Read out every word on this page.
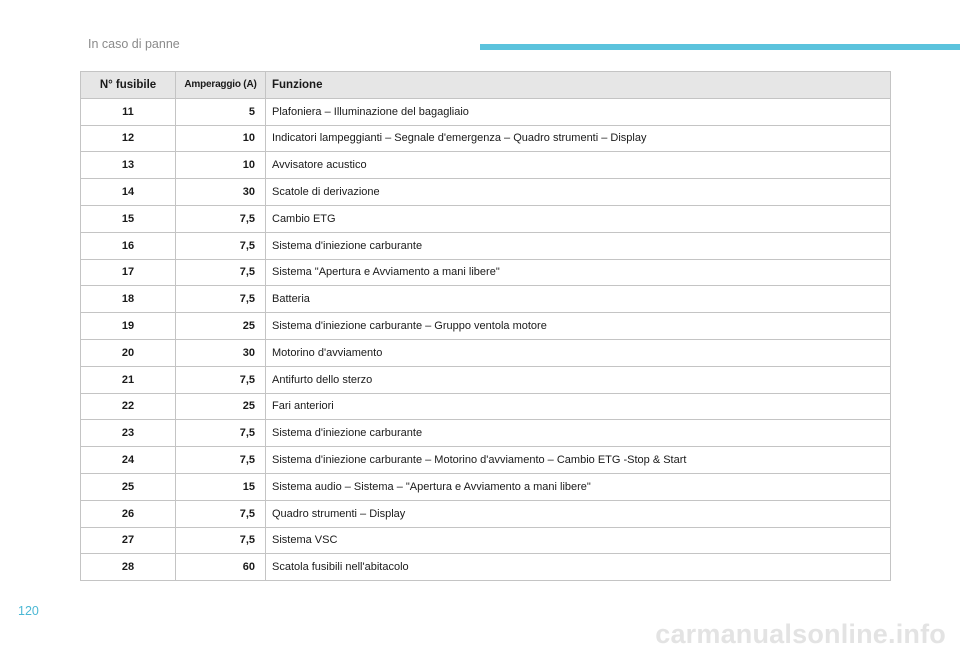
In caso di panne
N° fusibile	Amperaggio (A)	Funzione
11	5	Plafoniera – Illuminazione del bagagliaio
12	10	Indicatori lampeggianti – Segnale d'emergenza – Quadro strumenti – Display
13	10	Avvisatore acustico
14	30	Scatole di derivazione
15	7,5	Cambio ETG
16	7,5	Sistema d'iniezione carburante
17	7,5	Sistema "Apertura e Avviamento a mani libere"
18	7,5	Batteria
19	25	Sistema d'iniezione carburante – Gruppo ventola motore
20	30	Motorino d'avviamento
21	7,5	Antifurto dello sterzo
22	25	Fari anteriori
23	7,5	Sistema d'iniezione carburante
24	7,5	Sistema d'iniezione carburante – Motorino d'avviamento – Cambio ETG -Stop & Start
25	15	Sistema audio – Sistema – "Apertura e Avviamento a mani libere"
26	7,5	Quadro strumenti – Display
27	7,5	Sistema VSC
28	60	Scatola fusibili nell'abitacolo
120
carmanualsonline.info
